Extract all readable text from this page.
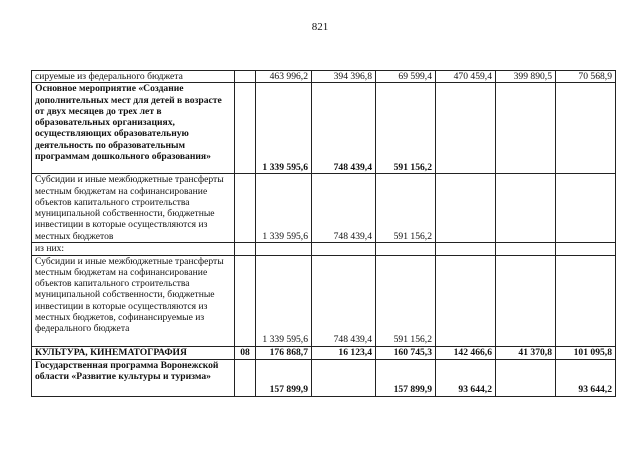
821
сируемые из федерального бюджета		463 996,2	394 396,8	69 599,4	470 459,4	399 890,5	70 568,9
Основное мероприятие «Создание дополнительных мест для детей в возрасте от двух месяцев до трех лет в образовательных организациях, осуществляющих образовательную деятельность по образовательным программам дошкольного образования»		1 339 595,6	748 439,4	591 156,2			
Субсидии и иные межбюджетные трансферты местным бюджетам на софинансирование объектов капитального строительства муниципальной собственности, бюджетные инвестиции в которые осуществляются из местных бюджетов		1 339 595,6	748 439,4	591 156,2			
из них:							
Субсидии и иные межбюджетные трансферты местным бюджетам на софинансирование объектов капитального строительства муниципальной собственности, бюджетные инвестиции в которые осуществляются из местных бюджетов, софинансируемые из федерального бюджета		1 339 595,6	748 439,4	591 156,2			
КУЛЬТУРА, КИНЕМАТОГРАФИЯ	08	176 868,7	16 123,4	160 745,3	142 466,6	41 370,8	101 095,8
Государственная программа Воронежской области «Развитие культуры и туризма»		157 899,9		157 899,9	93 644,2		93 644,2
